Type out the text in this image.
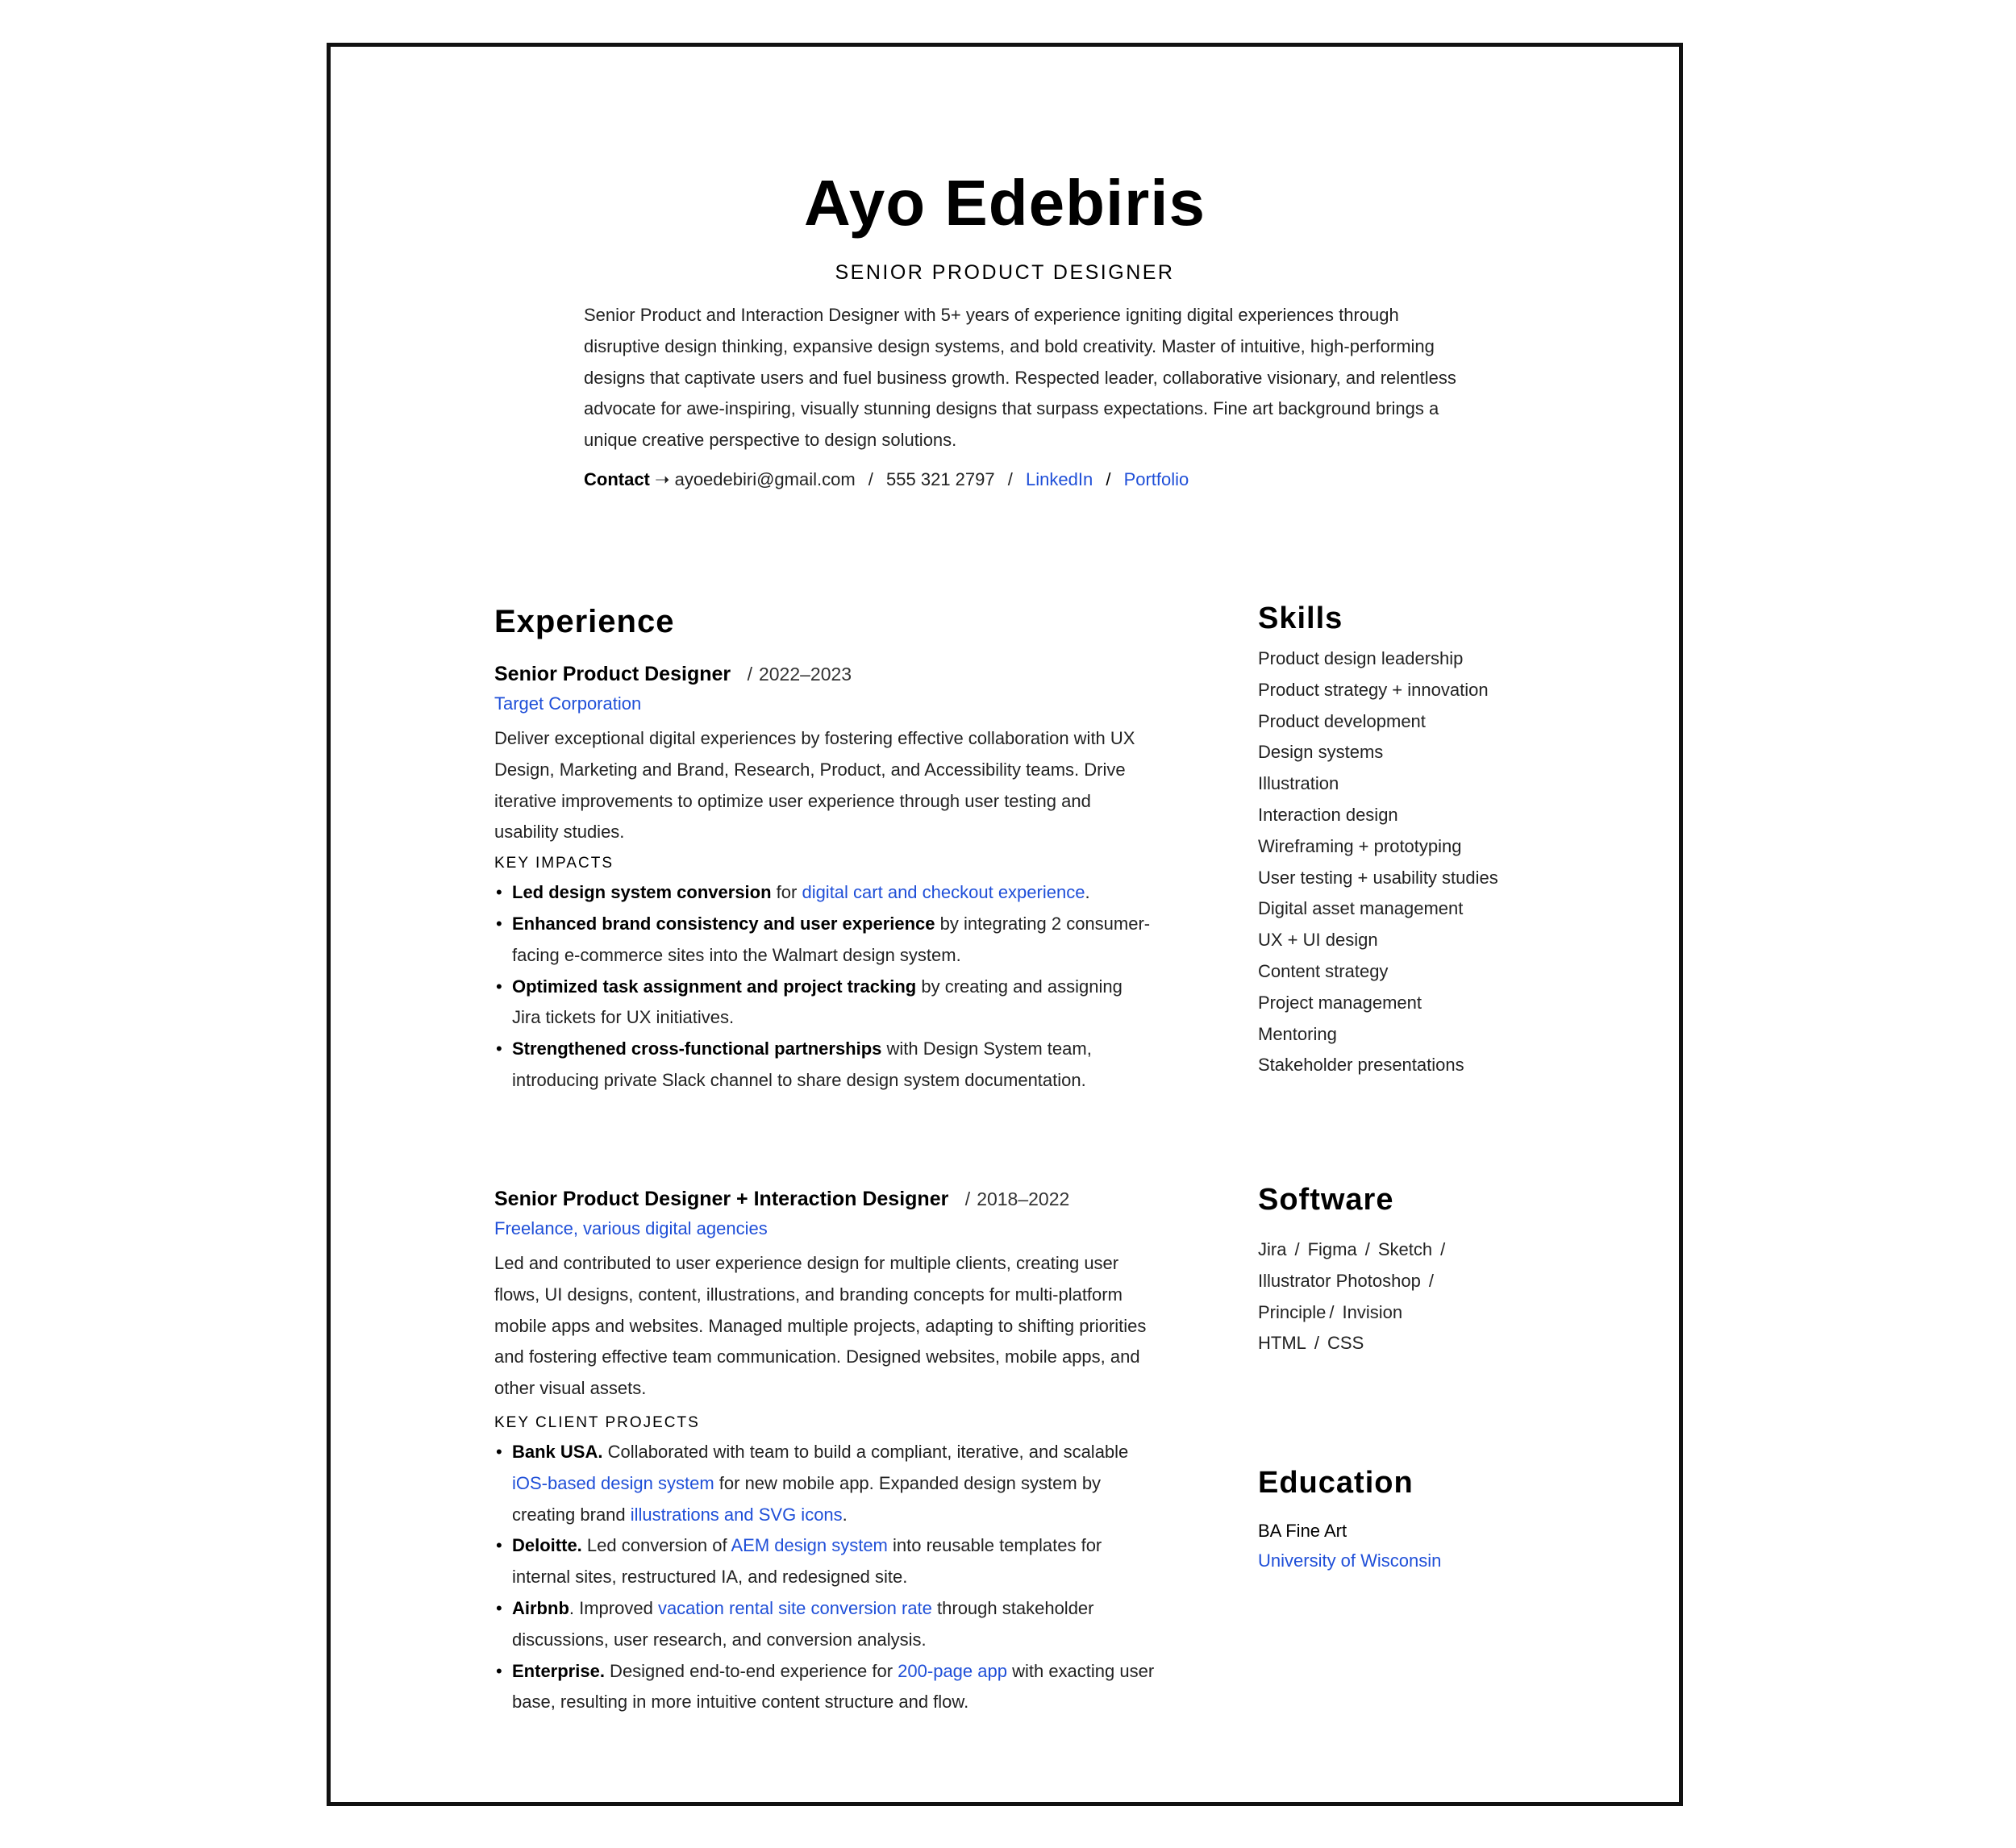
Ayo Edebiris
SENIOR PRODUCT DESIGNER
Senior Product and Interaction Designer with 5+ years of experience igniting digital experiences through disruptive design thinking, expansive design systems, and bold creativity. Master of intuitive, high-performing designs that captivate users and fuel business growth. Respected leader, collaborative visionary, and relentless advocate for awe-inspiring, visually stunning designs that surpass expectations. Fine art background brings a unique creative perspective to design solutions.
Contact ➝ ayoedebiri@gmail.com / 555 321 2797 / LinkedIn / Portfolio
Experience
Senior Product Designer / 2022–2023
Target Corporation
Deliver exceptional digital experiences by fostering effective collaboration with UX Design, Marketing and Brand, Research, Product, and Accessibility teams. Drive iterative improvements to optimize user experience through user testing and usability studies.
KEY IMPACTS
• Led design system conversion for digital cart and checkout experience.
• Enhanced brand consistency and user experience by integrating 2 consumer-facing e-commerce sites into the Walmart design system.
• Optimized task assignment and project tracking by creating and assigning Jira tickets for UX initiatives.
• Strengthened cross-functional partnerships with Design System team, introducing private Slack channel to share design system documentation.
Senior Product Designer + Interaction Designer / 2018–2022
Freelance, various digital agencies
Led and contributed to user experience design for multiple clients, creating user flows, UI designs, content, illustrations, and branding concepts for multi-platform mobile apps and websites. Managed multiple projects, adapting to shifting priorities and fostering effective team communication. Designed websites, mobile apps, and other visual assets.
KEY CLIENT PROJECTS
• Bank USA. Collaborated with team to build a compliant, iterative, and scalable iOS-based design system for new mobile app. Expanded design system by creating brand illustrations and SVG icons.
• Deloitte. Led conversion of AEM design system into reusable templates for internal sites, restructured IA, and redesigned site.
• Airbnb. Improved vacation rental site conversion rate through stakeholder discussions, user research, and conversion analysis.
• Enterprise. Designed end-to-end experience for 200-page app with exacting user base, resulting in more intuitive content structure and flow.
Skills
Product design leadership
Product strategy + innovation
Product development
Design systems
Illustration
Interaction design
Wireframing + prototyping
User testing + usability studies
Digital asset management
UX + UI design
Content strategy
Project management
Mentoring
Stakeholder presentations
Software
Jira / Figma / Sketch /
Illustrator Photoshop /
Principle / Invision
HTML / CSS
Education
BA Fine Art
University of Wisconsin
